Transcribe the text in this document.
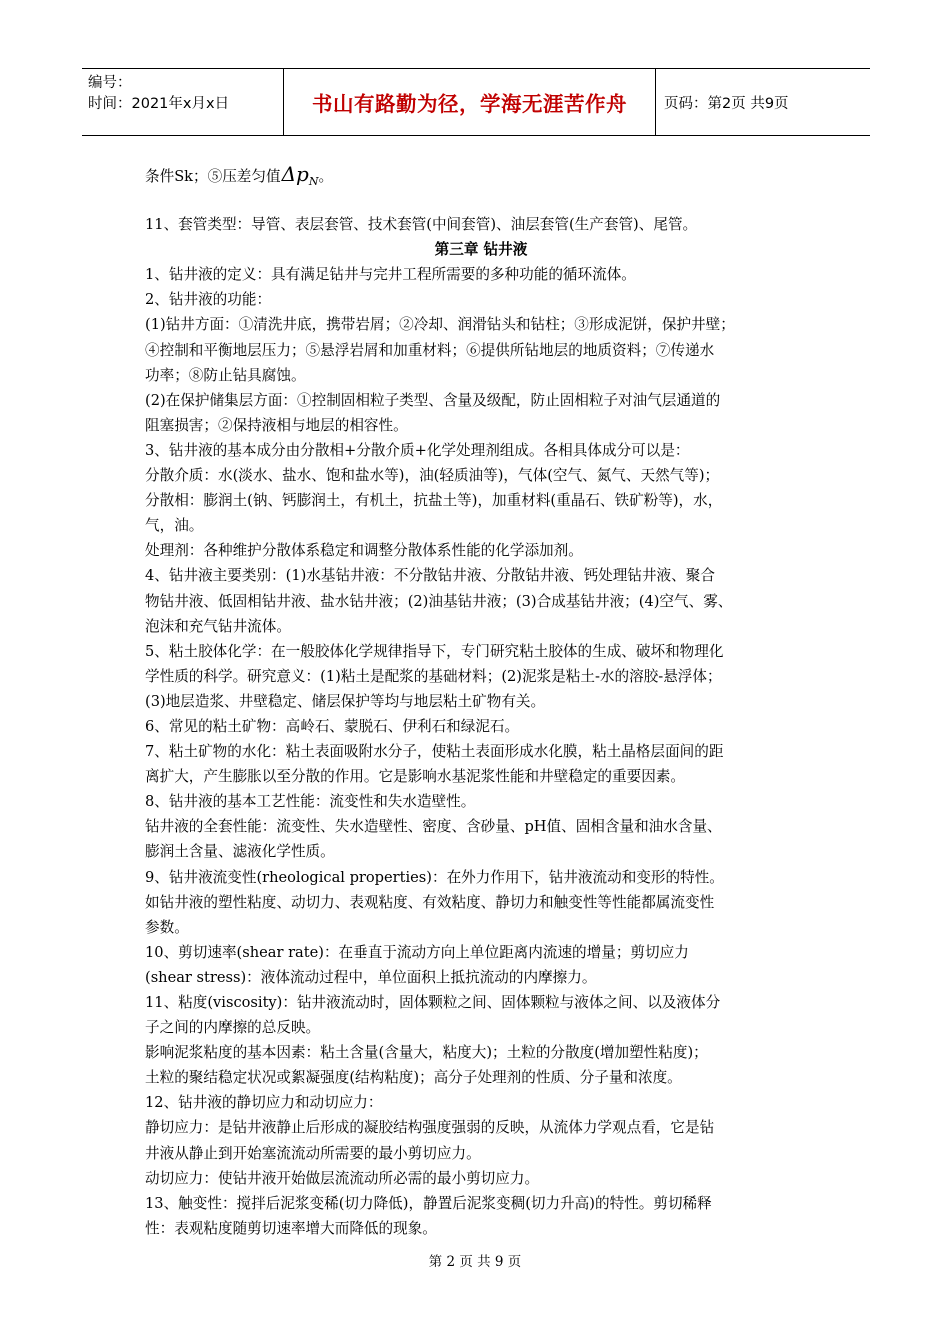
编号：
时间：2021年x月x日	书山有路勤为径，学海无涯苦作舟	页码：第2页 共9页

条件Sk；⑤压差匀值$\Delta p_N$。

11、套管类型：导管、表层套管、技术套管(中间套管)、油层套管(生产套管)、尾管。

第三章 钻井液

1、钻井液的定义：具有满足钻井与完井工程所需要的多种功能的循环流体。

2、钻井液的功能：

(1)钻井方面：①清洗井底，携带岩屑；②冷却、润滑钻头和钻柱；③形成泥饼，保护井壁；

④控制和平衡地层压力；⑤悬浮岩屑和加重材料；⑥提供所钻地层的地质资料；⑦传递水

功率；⑧防止钻具腐蚀。

(2)在保护储集层方面：①控制固相粒子类型、含量及级配，防止固相粒子对油气层通道的

阻塞损害；②保持液相与地层的相容性。

3、钻井液的基本成分由分散相+分散介质+化学处理剂组成。各相具体成分可以是：

分散介质：水(淡水、盐水、饱和盐水等)，油(轻质油等)，气体(空气、氮气、天然气等)；

分散相：膨润土(钠、钙膨润土，有机土，抗盐土等)，加重材料(重晶石、铁矿粉等)，水，

气，油。

处理剂：各种维护分散体系稳定和调整分散体系性能的化学添加剂。

4、钻井液主要类别：(1)水基钻井液：不分散钻井液、分散钻井液、钙处理钻井液、聚合

物钻井液、低固相钻井液、盐水钻井液；(2)油基钻井液；(3)合成基钻井液；(4)空气、雾、

泡沫和充气钻井流体。

5、粘土胶体化学：在一般胶体化学规律指导下，专门研究粘土胶体的生成、破坏和物理化

学性质的科学。研究意义：(1)粘土是配浆的基础材料；(2)泥浆是粘土-水的溶胶-悬浮体；

(3)地层造浆、井壁稳定、储层保护等均与地层粘土矿物有关。

6、常见的粘土矿物：高岭石、蒙脱石、伊利石和绿泥石。

7、粘土矿物的水化：粘土表面吸附水分子，使粘土表面形成水化膜，粘土晶格层面间的距

离扩大，产生膨胀以至分散的作用。它是影响水基泥浆性能和井壁稳定的重要因素。

8、钻井液的基本工艺性能：流变性和失水造壁性。

钻井液的全套性能：流变性、失水造壁性、密度、含砂量、pH值、固相含量和油水含量、

膨润土含量、滤液化学性质。

9、钻井液流变性(rheological properties)：在外力作用下，钻井液流动和变形的特性。

如钻井液的塑性粘度、动切力、表观粘度、有效粘度、静切力和触变性等性能都属流变性

参数。

10、剪切速率(shear rate)：在垂直于流动方向上单位距离内流速的增量；剪切应力

(shear stress)：液体流动过程中，单位面积上抵抗流动的内摩擦力。

11、粘度(viscosity)：钻井液流动时，固体颗粒之间、固体颗粒与液体之间、以及液体分

子之间的内摩擦的总反映。

影响泥浆粘度的基本因素：粘土含量(含量大，粘度大)；土粒的分散度(增加塑性粘度)；

土粒的聚结稳定状况或絮凝强度(结构粘度)；高分子处理剂的性质、分子量和浓度。

12、钻井液的静切应力和动切应力：

静切应力：是钻井液静止后形成的凝胶结构强度强弱的反映，从流体力学观点看，它是钻

井液从静止到开始塞流流动所需要的最小剪切应力。

动切应力：使钻井液开始做层流流动所必需的最小剪切应力。

13、触变性：搅拌后泥浆变稀(切力降低)，静置后泥浆变稠(切力升高)的特性。剪切稀释

性：表观粘度随剪切速率增大而降低的现象。

第 2 页 共 9 页
